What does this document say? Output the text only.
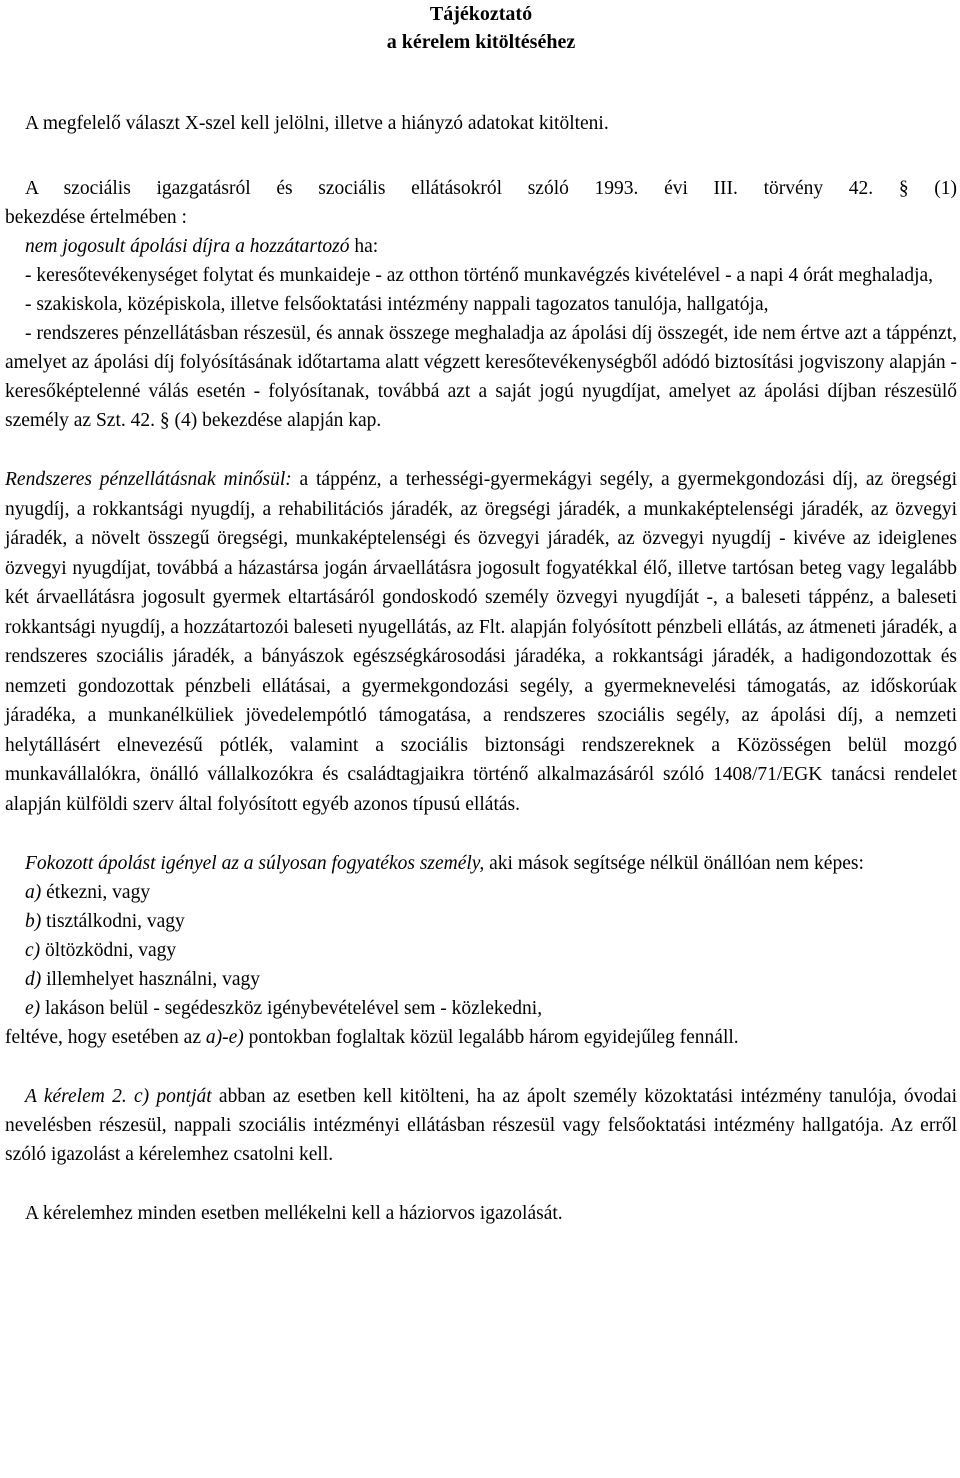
Tájékoztató
a kérelem kitöltéséhez

A megfelelő választ X-szel kell jelölni, illetve a hiányzó adatokat kitölteni.

A szociális igazgatásról és szociális ellátásokról szóló 1993. évi III. törvény 42. § (1)

bekezdése értelmében :

nem jogosult ápolási díjra a hozzátartozó ha:

- keresőtevékenységet folytat és munkaideje - az otthon történő munkavégzés kivételével - a napi 4 órát meghaladja,

- szakiskola, középiskola, illetve felsőoktatási intézmény nappali tagozatos tanulója, hallgatója,

- rendszeres pénzellátásban részesül, és annak összege meghaladja az ápolási díj összegét, ide nem értve azt a táppénzt, amelyet az ápolási díj folyósításának időtartama alatt végzett keresőtevékenységből adódó biztosítási jogviszony alapján - keresőképtelenné válás esetén - folyósítanak, továbbá azt a saját jogú nyugdíjat, amelyet az ápolási díjban részesülő személy az Szt. 42. § (4) bekezdése alapján kap.

Rendszeres pénzellátásnak minősül: a táppénz, a terhességi-gyermekágyi segély, a gyermekgondozási díj, az öregségi nyugdíj, a rokkantsági nyugdíj, a rehabilitációs járadék, az öregségi járadék, a munkaképtelenségi járadék, az özvegyi járadék, a növelt összegű öregségi, munkaképtelenségi és özvegyi járadék, az özvegyi nyugdíj - kivéve az ideiglenes özvegyi nyugdíjat, továbbá a házastársa jogán árvaellátásra jogosult fogyatékkal élő, illetve tartósan beteg vagy legalább két árvaellátásra jogosult gyermek eltartásáról gondoskodó személy özvegyi nyugdíját -, a baleseti táppénz, a baleseti rokkantsági nyugdíj, a hozzátartozói baleseti nyugellátás, az Flt. alapján folyósított pénzbeli ellátás, az átmeneti járadék, a rendszeres szociális járadék, a bányászok egészségkárosodási járadéka, a rokkantsági járadék, a hadigondozottak és nemzeti gondozottak pénzbeli ellátásai, a gyermekgondozási segély, a gyermeknevelési támogatás, az időskorúak járadéka, a munkanélküliek jövedelempótló támogatása, a rendszeres szociális segély, az ápolási díj, a nemzeti helytállásért elnevezésű pótlék, valamint a szociális biztonsági rendszereknek a Közösségen belül mozgó munkavállalókra, önálló vállalkozókra és családtagjaikra történő alkalmazásáról szóló 1408/71/EGK tanácsi rendelet alapján külföldi szerv által folyósított egyéb azonos típusú ellátás.

Fokozott ápolást igényel az a súlyosan fogyatékos személy, aki mások segítsége nélkül önállóan nem képes:

a) étkezni, vagy
b) tisztálkodni, vagy
c) öltözködni, vagy
d) illemhelyet használni, vagy
e) lakáson belül - segédeszköz igénybevételével sem - közlekedni,

feltéve, hogy esetében az a)-e) pontokban foglaltak közül legalább három egyidejűleg fennáll.

A kérelem 2. c) pontját abban az esetben kell kitölteni, ha az ápolt személy közoktatási intézmény tanulója, óvodai nevelésben részesül, nappali szociális intézményi ellátásban részesül vagy felsőoktatási intézmény hallgatója. Az erről szóló igazolást a kérelemhez csatolni kell.

A kérelemhez minden esetben mellékelni kell a háziorvos igazolását.
